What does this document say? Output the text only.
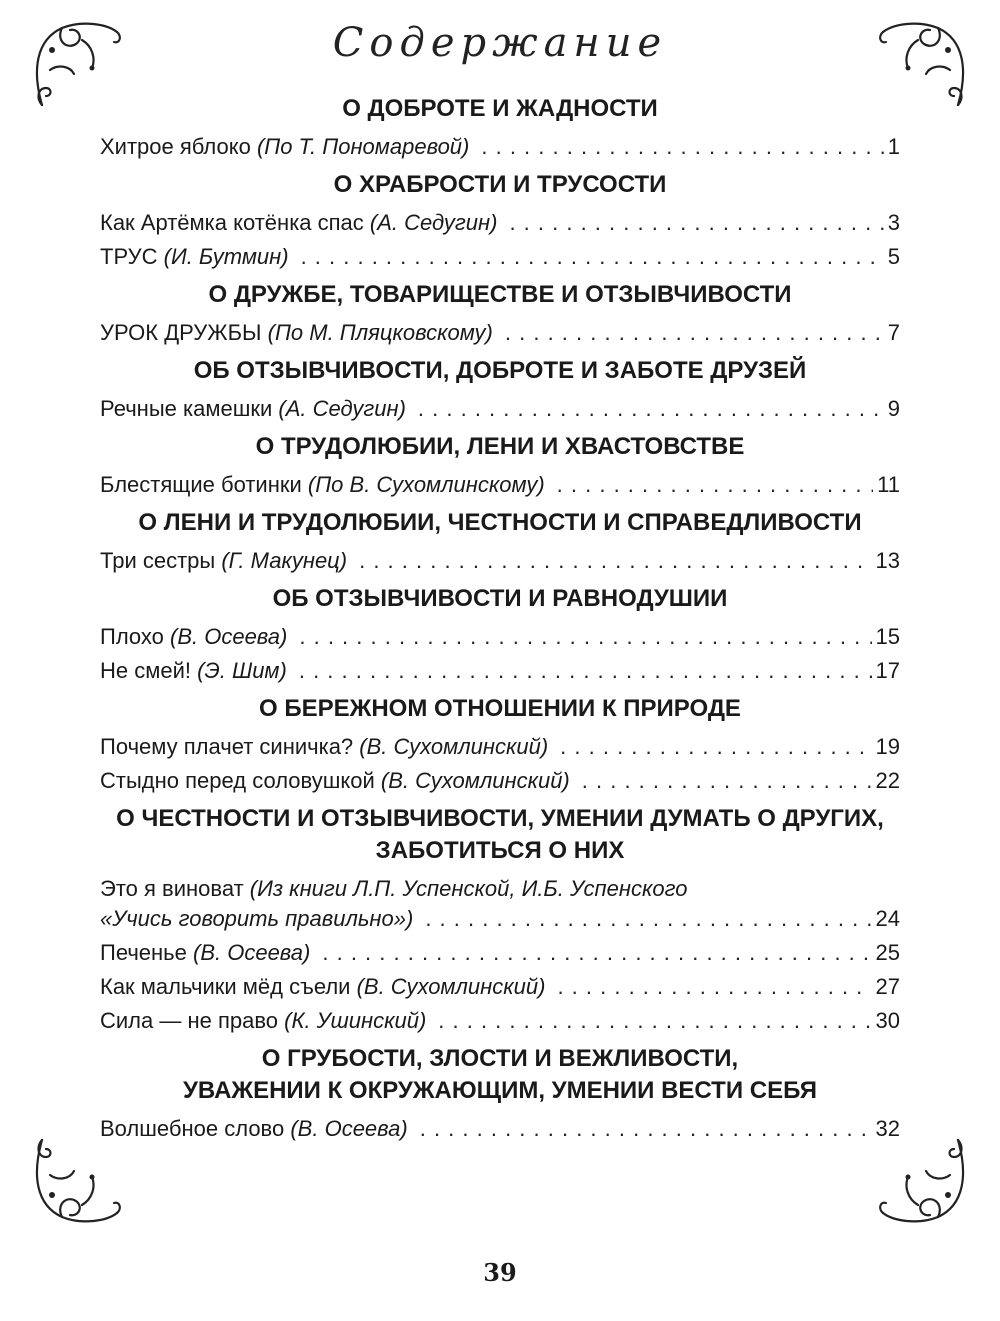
Содержание
О ДОБРОТЕ И ЖАДНОСТИ
Хитрое яблоко (По Т. Пономаревой) . . .	1
О ХРАБРОСТИ И ТРУСОСТИ
Как Артёмка котёнка спас (А. Седугин) . . .	3
ТРУС (И. Бутмин) . . .	5
О ДРУЖБЕ, ТОВАРИЩЕСТВЕ И ОТЗЫВЧИВОСТИ
УРОК ДРУЖБЫ (По М. Пляцковскому) . . .	7
ОБ ОТЗЫВЧИВОСТИ, ДОБРОТЕ И ЗАБОТЕ ДРУЗЕЙ
Речные камешки (А. Седугин) . . .	9
О ТРУДОЛЮБИИ, ЛЕНИ И ХВАСТОВСТВЕ
Блестящие ботинки (По В. Сухомлинскому) . . .	11
О ЛЕНИ И ТРУДОЛЮБИИ, ЧЕСТНОСТИ И СПРАВЕДЛИВОСТИ
Три сестры (Г. Макунец) . . .	13
ОБ ОТЗЫВЧИВОСТИ И РАВНОДУШИИ
Плохо (В. Осеева) . . .	15
Не смей! (Э. Шим) . . .	17
О БЕРЕЖНОМ ОТНОШЕНИИ К ПРИРОДЕ
Почему плачет синичка? (В. Сухомлинский) . . .	19
Стыдно перед соловушкой (В. Сухомлинский) . . .	22
О ЧЕСТНОСТИ И ОТЗЫВЧИВОСТИ, УМЕНИИ ДУМАТЬ О ДРУГИХ,
ЗАБОТИТЬСЯ О НИХ
Это я виноват (Из книги Л.П. Успенской, И.Б. Успенского
«Учись говорить правильно») . . .	24
Печенье (В. Осеева) . . .	25
Как мальчики мёд съели (В. Сухомлинский) . . .	27
Сила — не право (К. Ушинский) . . .	30
О ГРУБОСТИ, ЗЛОСТИ И ВЕЖЛИВОСТИ,
УВАЖЕНИИ К ОКРУЖАЮЩИМ, УМЕНИИ ВЕСТИ СЕБЯ
Волшебное слово (В. Осеева) . . .	32
39
